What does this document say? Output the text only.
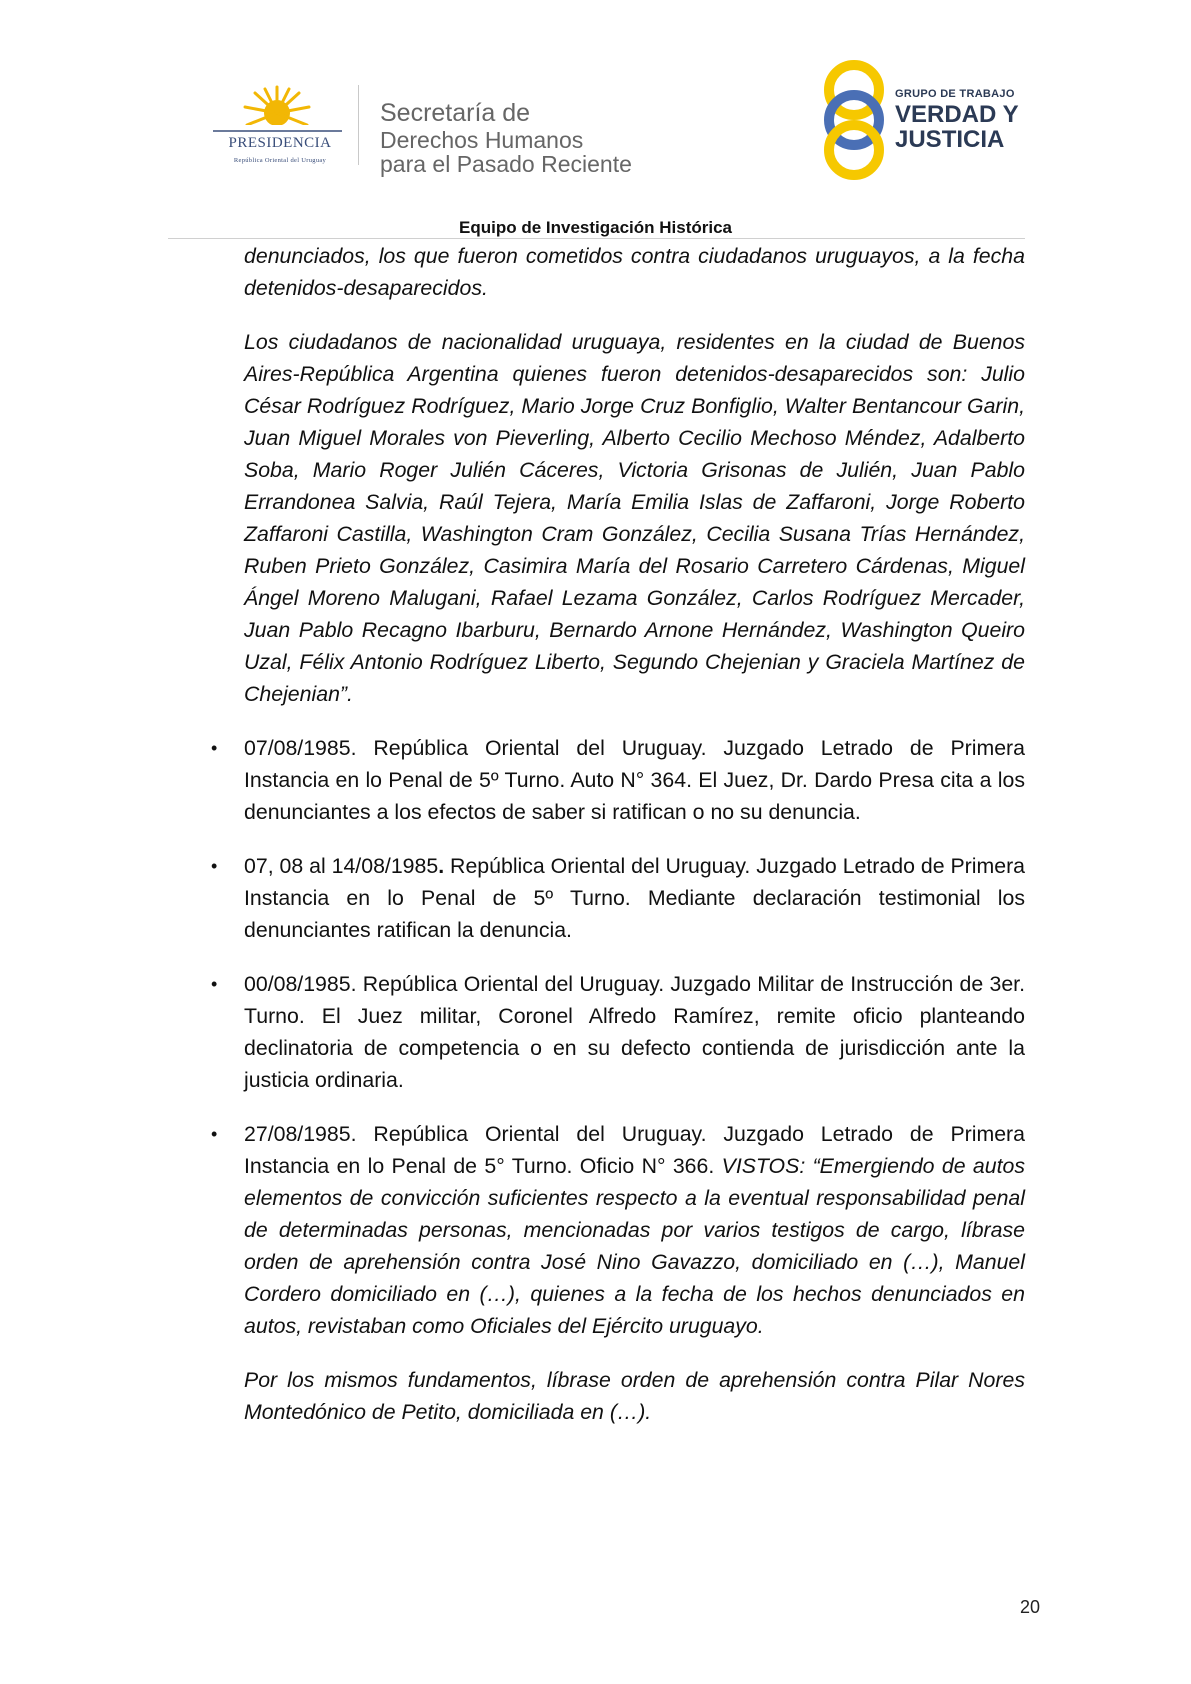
PRESIDENCIA
República Oriental del Uruguay
Secretaría de
Derechos Humanos
para el Pasado Reciente
GRUPO DE TRABAJO
VERDAD Y
JUSTICIA
Equipo de Investigación Histórica

denunciados, los que fueron cometidos contra ciudadanos uruguayos, a la fecha detenidos-desaparecidos.

Los ciudadanos de nacionalidad uruguaya, residentes en la ciudad de Buenos Aires-República Argentina quienes fueron detenidos-desaparecidos son: Julio César Rodríguez Rodríguez, Mario Jorge Cruz Bonfiglio, Walter Bentancour Garin, Juan Miguel Morales von Pieverling, Alberto Cecilio Mechoso Méndez, Adalberto Soba, Mario Roger Julién Cáceres, Victoria Grisonas de Julién, Juan Pablo Errandonea Salvia, Raúl Tejera, María Emilia Islas de Zaffaroni, Jorge Roberto Zaffaroni Castilla, Washington Cram González, Cecilia Susana Trías Hernández, Ruben Prieto González, Casimira María del Rosario Carretero Cárdenas, Miguel Ángel Moreno Malugani, Rafael Lezama González, Carlos Rodríguez Mercader, Juan Pablo Recagno Ibarburu, Bernardo Arnone Hernández, Washington Queiro Uzal, Félix Antonio Rodríguez Liberto, Segundo Chejenian y Graciela Martínez de Chejenian”.

• 07/08/1985. República Oriental del Uruguay. Juzgado Letrado de Primera Instancia en lo Penal de 5º Turno. Auto N° 364. El Juez, Dr. Dardo Presa cita a los denunciantes a los efectos de saber si ratifican o no su denuncia.

• 07, 08 al 14/08/1985. República Oriental del Uruguay. Juzgado Letrado de Primera Instancia en lo Penal de 5º Turno. Mediante declaración testimonial los denunciantes ratifican la denuncia.

• 00/08/1985. República Oriental del Uruguay. Juzgado Militar de Instrucción de 3er. Turno. El Juez militar, Coronel Alfredo Ramírez, remite oficio planteando declinatoria de competencia o en su defecto contienda de jurisdicción ante la justicia ordinaria.

• 27/08/1985. República Oriental del Uruguay. Juzgado Letrado de Primera Instancia en lo Penal de 5° Turno. Oficio N° 366. VISTOS: “Emergiendo de autos elementos de convicción suficientes respecto a la eventual responsabilidad penal de determinadas personas, mencionadas por varios testigos de cargo, líbrase orden de aprehensión contra José Nino Gavazzo, domiciliado en (…), Manuel Cordero domiciliado en (…), quienes a la fecha de los hechos denunciados en autos, revistaban como Oficiales del Ejército uruguayo.

Por los mismos fundamentos, líbrase orden de aprehensión contra Pilar Nores Montedónico de Petito, domiciliada en (…).

20
